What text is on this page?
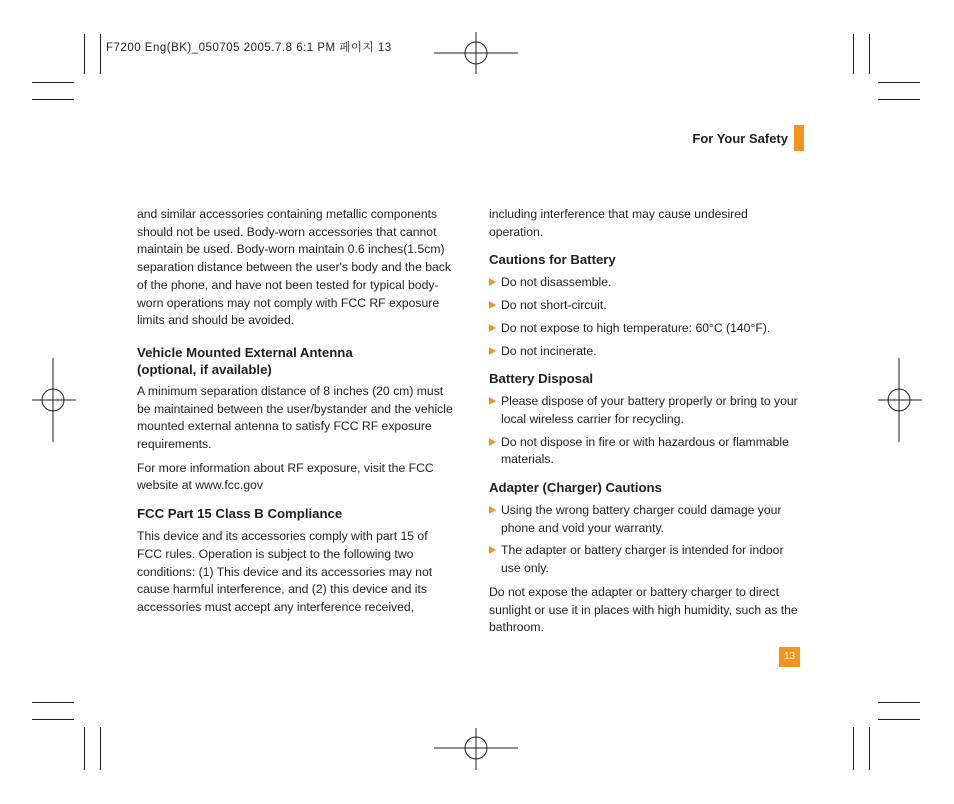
F7200 Eng(BK)_050705 2005.7.8 6:1 PM 페이지 13
For Your Safety

and similar accessories containing metallic components should not be used. Body-worn accessories that cannot maintain be used. Body-worn maintain 0.6 inches(1.5cm) separation distance between the user's body and the back of the phone, and have not been tested for typical body-worn operations may not comply with FCC RF exposure limits and should be avoided.

Vehicle Mounted External Antenna
(optional, if available)

A minimum separation distance of 8 inches (20 cm) must be maintained between the user/bystander and the vehicle mounted external antenna to satisfy FCC RF exposure requirements.

For more information about RF exposure, visit the FCC website at www.fcc.gov

FCC Part 15 Class B Compliance

This device and its accessories comply with part 15 of FCC rules. Operation is subject to the following two conditions: (1) This device and its accessories may not cause harmful interference, and (2) this device and its accessories must accept any interference received,

including interference that may cause undesired operation.

Cautions for Battery
Do not disassemble.
Do not short-circuit.
Do not expose to high temperature: 60°C (140°F).
Do not incinerate.
Battery Disposal
Please dispose of your battery properly or bring to your local wireless carrier for recycling.
Do not dispose in fire or with hazardous or flammable materials.
Adapter (Charger) Cautions
Using the wrong battery charger could damage your phone and void your warranty.
The adapter or battery charger is intended for indoor use only.

Do not expose the adapter or battery charger to direct sunlight or use it in places with high humidity, such as the bathroom.

13
